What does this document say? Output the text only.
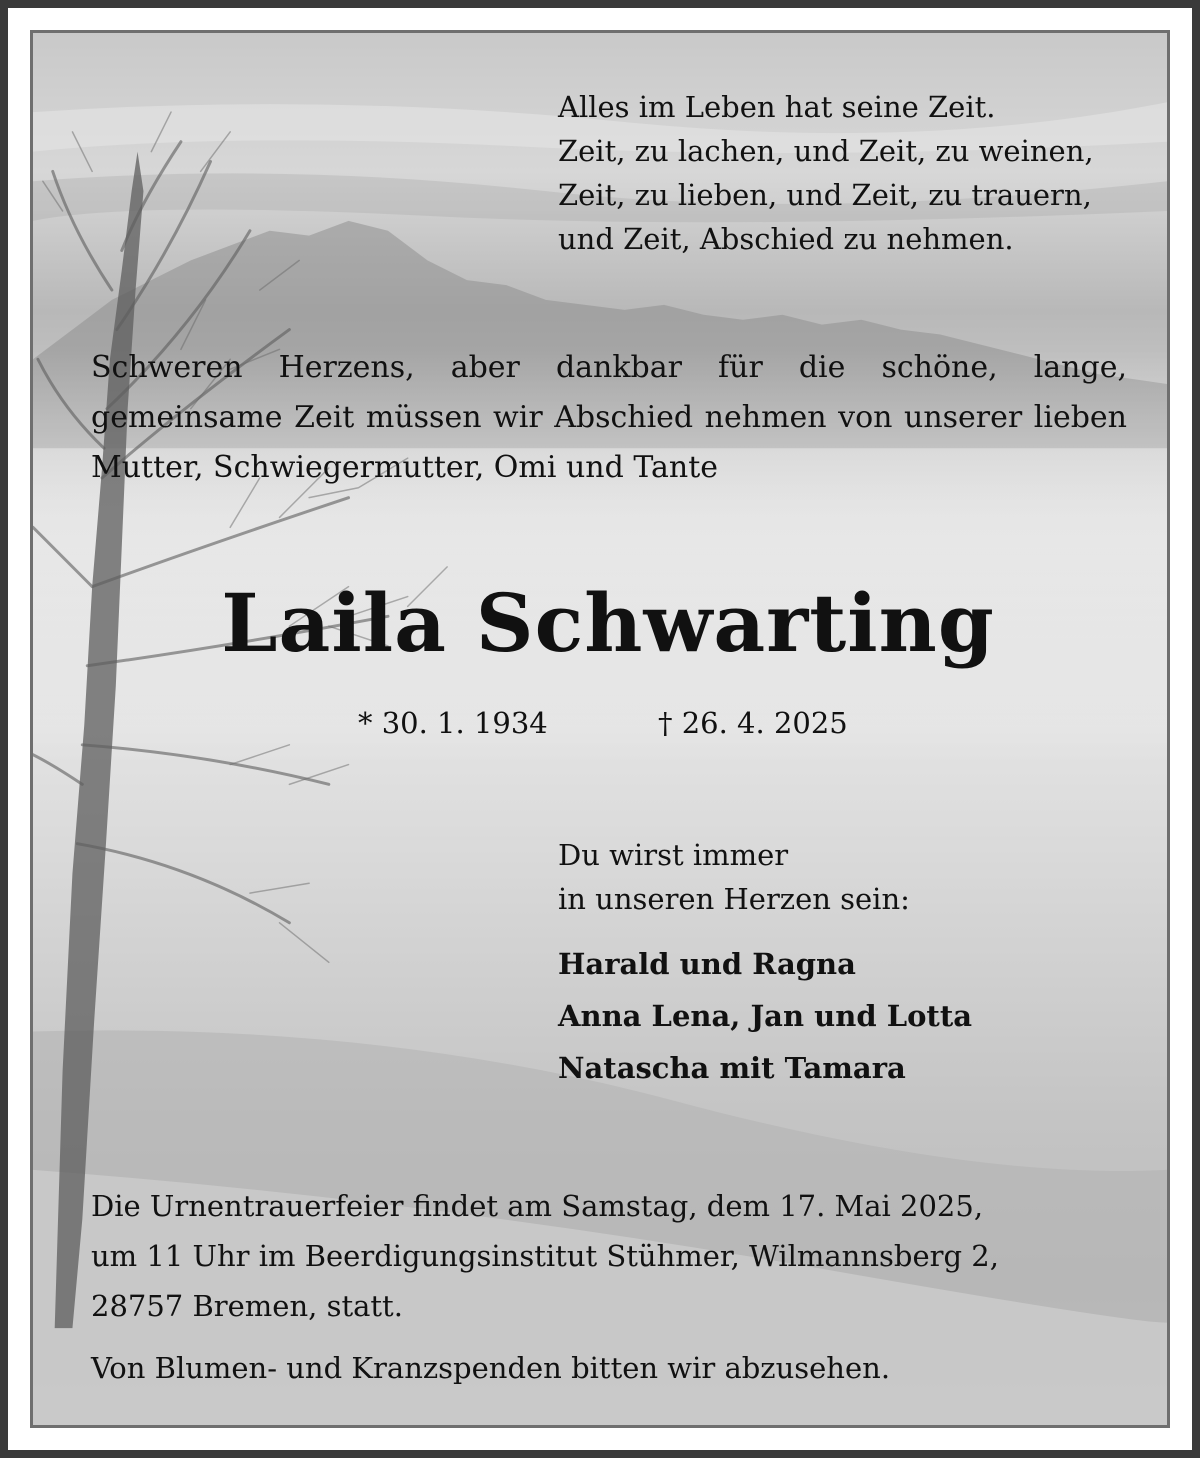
Alles im Leben hat seine Zeit.
Zeit, zu lachen, und Zeit, zu weinen,
Zeit, zu lieben, und Zeit, zu trauern,
und Zeit, Abschied zu nehmen.
Schweren Herzens, aber dankbar für die schöne, lange, gemeinsame Zeit müssen wir Abschied nehmen von unserer lieben Mutter, Schwiegermutter, Omi und Tante
Laila Schwarting
* 30. 1. 1934	† 26. 4. 2025
Du wirst immer
in unseren Herzen sein:
Harald und Ragna
Anna Lena, Jan und Lotta
Natascha mit Tamara
Die Urnentrauerfeier findet am Samstag, dem 17. Mai 2025,
um 11 Uhr im Beerdigungsinstitut Stühmer, Wilmannsberg 2,
28757 Bremen, statt.
Von Blumen- und Kranzspenden bitten wir abzusehen.
